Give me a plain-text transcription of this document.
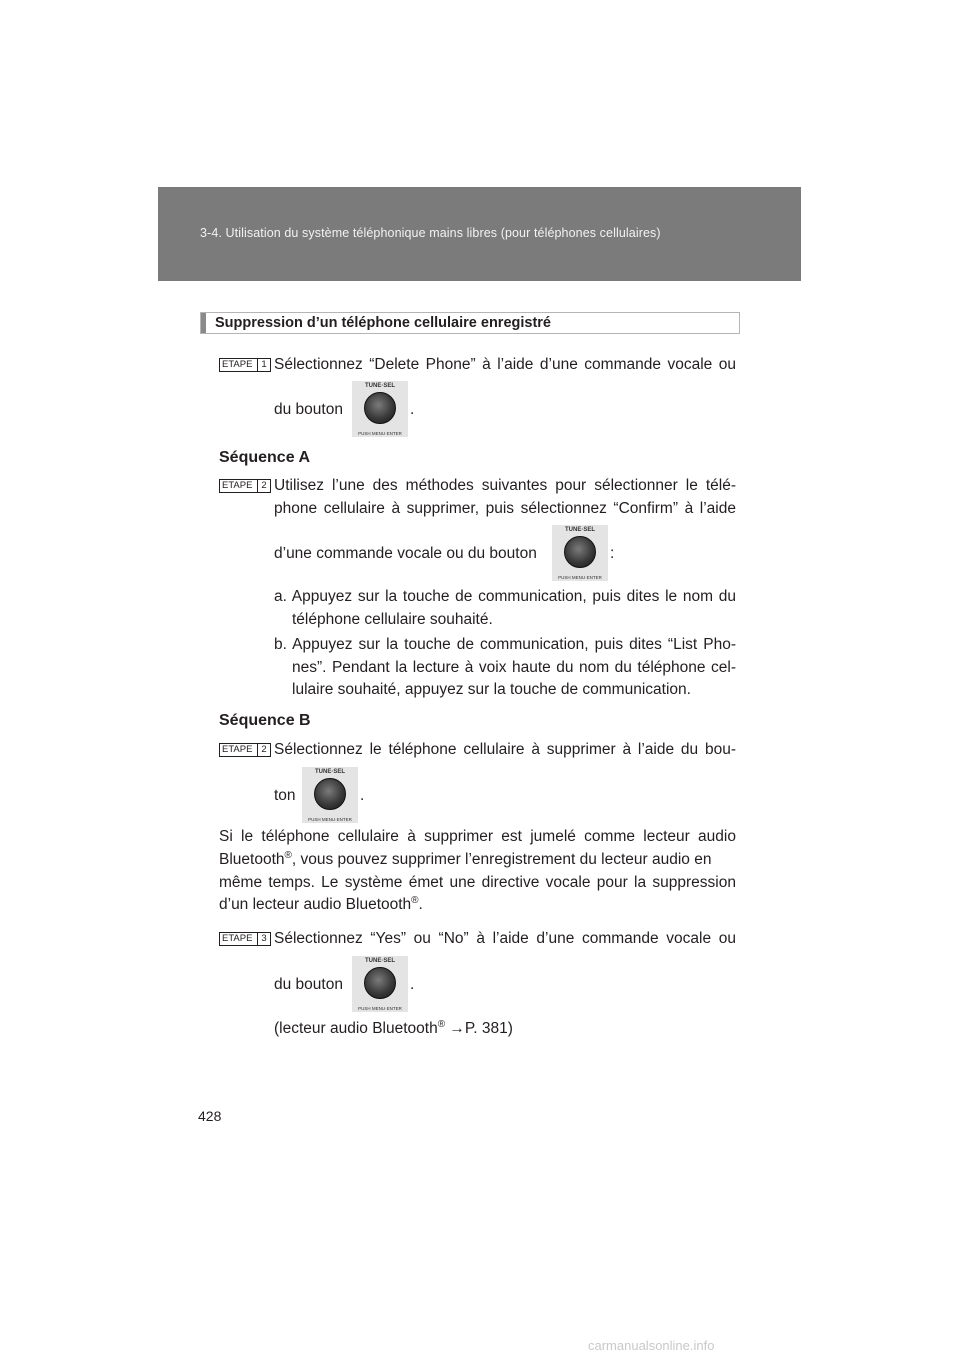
3-4. Utilisation du système téléphonique mains libres (pour téléphones cellulaires)
Suppression d’un téléphone cellulaire enregistré
ETAPE 1 Sélectionnez “Delete Phone” à l’aide d’une commande vocale ou
du bouton
TUNE·SEL
PUSH MENU·ENTER
.
Séquence A
ETAPE 2 Utilisez l’une des méthodes suivantes pour sélectionner le télé-
phone cellulaire à supprimer, puis sélectionnez “Confirm” à l’aide
d’une commande vocale ou du bouton
TUNE·SEL
PUSH MENU·ENTER
:
a. Appuyez sur la touche de communication, puis dites le nom du
téléphone cellulaire souhaité.
b. Appuyez sur la touche de communication, puis dites “List Pho-
nes”. Pendant la lecture à voix haute du nom du téléphone cel-
lulaire souhaité, appuyez sur la touche de communication.
Séquence B
ETAPE 2 Sélectionnez le téléphone cellulaire à supprimer à l’aide du bou-
ton
TUNE·SEL
PUSH MENU·ENTER
.
Si le téléphone cellulaire à supprimer est jumelé comme lecteur audio
Bluetooth®, vous pouvez supprimer l’enregistrement du lecteur audio en
même temps. Le système émet une directive vocale pour la suppression
d’un lecteur audio Bluetooth®.
ETAPE 3 Sélectionnez “Yes” ou “No” à l’aide d’une commande vocale ou
du bouton
TUNE·SEL
PUSH MENU·ENTER
.
(lecteur audio Bluetooth® →P. 381)
428
carmanualsonline.info
